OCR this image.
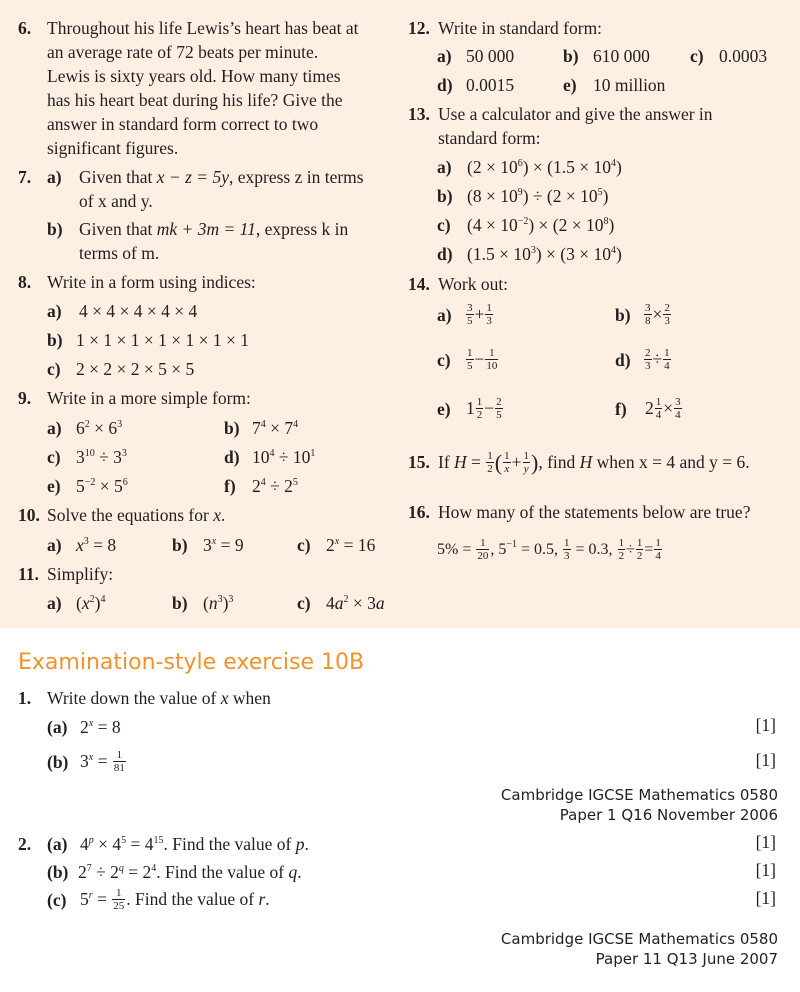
6. Throughout his life Lewis’s heart has beat at
an average rate of 72 beats per minute.
Lewis is sixty years old. How many times
has his heart beat during his life? Give the
answer in standard form correct to two
significant figures.
7. a) Given that x − z = 5y, express z in terms
of x and y.
b) Given that mk + 3m = 11, express k in
terms of m.
8. Write in a form using indices:
a) 4 × 4 × 4 × 4 × 4
b) 1 × 1 × 1 × 1 × 1 × 1 × 1
c) 2 × 2 × 2 × 5 × 5
9. Write in a more simple form:
a) $6^2 \times 6^3$	b) $7^4 \times 7^4$
c) $3^{10} \div 3^3$	d) $10^4 \div 10^1$
e) $5^{-2} \times 5^6$	f) $2^4 \div 2^5$
10. Solve the equations for x.
a) $x^3 = 8$	b) $3^x = 9$	c) $2^x = 16$
11. Simplify:
a) $(x^2)^4$	b) $(n^3)^3$	c) $4a^2 \times 3a$
12. Write in standard form:
a) 50 000	b) 610 000 c) 0.0003
d) 0.0015	e) 10 million
13. Use a calculator and give the answer in
standard form:
a) $(2 \times 10^6) \times (1.5 \times 10^4)$
b) $(8 \times 10^9) \div (2 \times 10^5)$
c) $(4 \times 10^{-2}) \times (2 \times 10^8)$
d) $(1.5 \times 10^3) \times (3 \times 10^4)$
14. Work out:
$a) \frac{3}{5} + \frac{1}{3}$	$b) \frac{3}{8} \times \frac{2}{3}$
$c) \frac{1}{5} - \frac{1}{10}$	$d) \frac{2}{3} \div \frac{1}{4}$
e) $1 \frac{1}{2} - \frac{2}{5}$	f) $2 \frac{1}{4} \times \frac{3}{4}$
15. If $H = \frac{1}{2}$ ( $\frac{1}{x}+ \frac{1}{y}$), find H when x = 4 and y = 6.
16. How many of the statements below are true?
$5\% = \frac{1}{20}$ , $5^{-1} = 0.5$, $\frac{1}{3} = 0.3$, $\frac{1}{2} \div \frac{1}{2} = \frac{1}{4}$
Examination-style exercise 10B
1. Write down the value of x when
(a) $2^x = 8$	[1]
(b) $3^x = \frac{1}{81}$	[1]
Cambridge IGCSE Mathematics 0580
Paper 1 Q16 November 2006
2. (a) $4^p \times 4^5 = 4^{15}$. Find the value of p.	[1]
(b) $2^7 \div 2^q = 2^4$. Find the value of q.	[1]
(c) $5^r = \frac{1}{25}$ . Find the value of r.	[1]
Cambridge IGCSE Mathematics 0580
Paper 11 Q13 June 2007
